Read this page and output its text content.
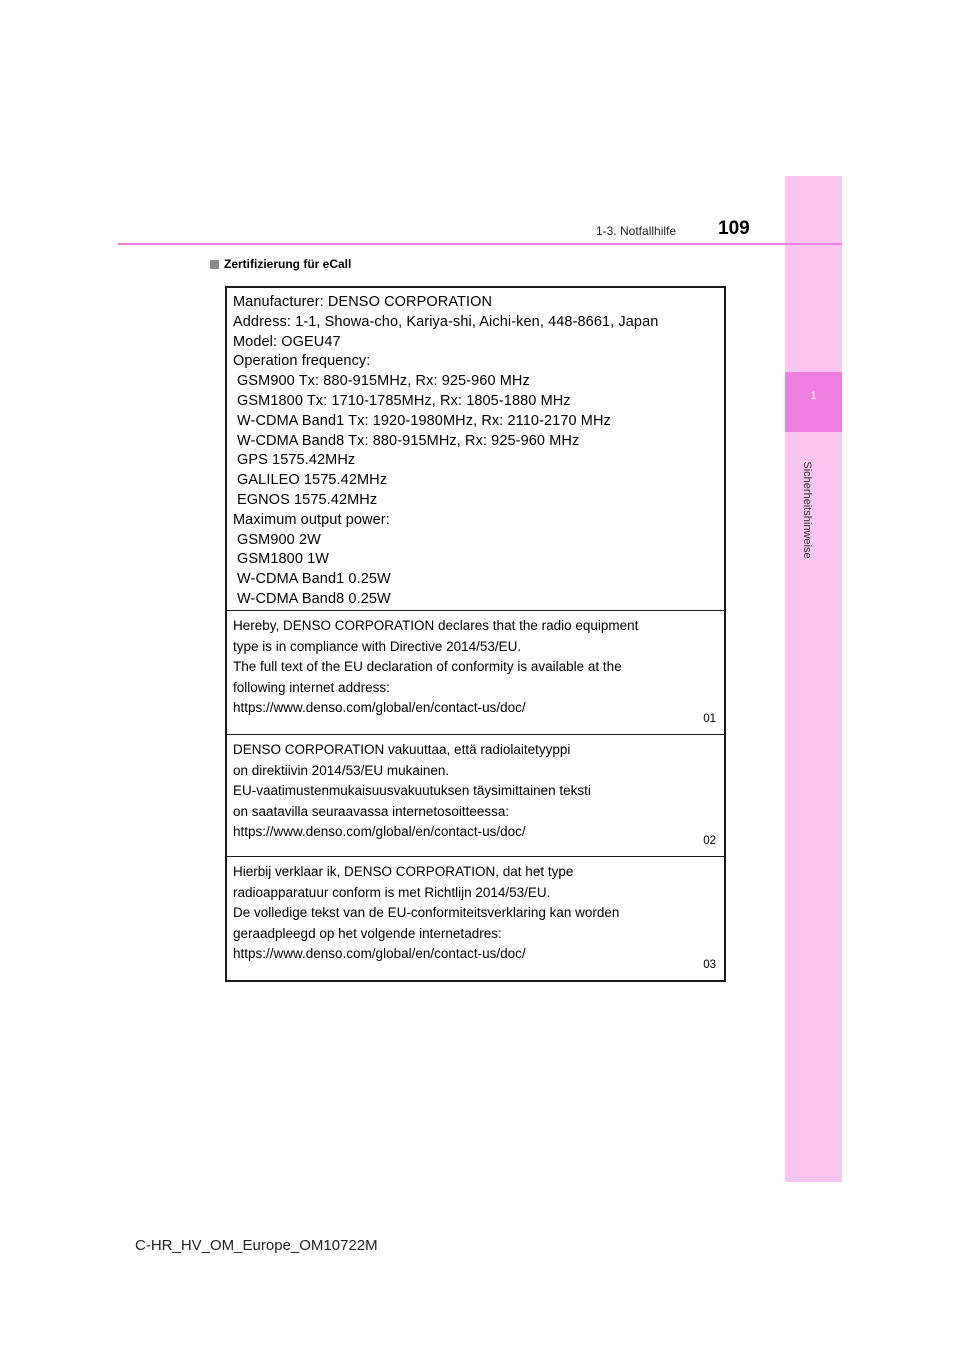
1
Sicherheitshinweise
1-3. Notfallhilfe 109
Zertifizierung für eCall
Manufacturer: DENSO CORPORATION
Address: 1-1, Showa-cho, Kariya-shi, Aichi-ken, 448-8661, Japan
Model: OGEU47
Operation frequency:
GSM900 Tx: 880-915MHz, Rx: 925-960 MHz
GSM1800 Tx: 1710-1785MHz, Rx: 1805-1880 MHz
W-CDMA Band1 Tx: 1920-1980MHz, Rx: 2110-2170 MHz
W-CDMA Band8 Tx: 880-915MHz, Rx: 925-960 MHz
GPS 1575.42MHz
GALILEO 1575.42MHz
EGNOS 1575.42MHz
Maximum output power:
GSM900 2W
GSM1800 1W
W-CDMA Band1 0.25W
W-CDMA Band8 0.25W
Hereby, DENSO CORPORATION declares that the radio equipment
type is in compliance with Directive 2014/53/EU.
The full text of the EU declaration of conformity is available at the
following internet address:
https://www.denso.com/global/en/contact-us/doc/
01
DENSO CORPORATION vakuuttaa, että radiolaitetyyppi
on direktiivin 2014/53/EU mukainen.
EU-vaatimustenmukaisuusvakuutuksen täysimittainen teksti
on saatavilla seuraavassa internetosoitteessa:
https://www.denso.com/global/en/contact-us/doc/
02
Hierbij verklaar ik, DENSO CORPORATION, dat het type
radioapparatuur conform is met Richtlijn 2014/53/EU.
De volledige tekst van de EU-conformiteitsverklaring kan worden
geraadpleegd op het volgende internetadres:
https://www.denso.com/global/en/contact-us/doc/
03
C-HR_HV_OM_Europe_OM10722M
